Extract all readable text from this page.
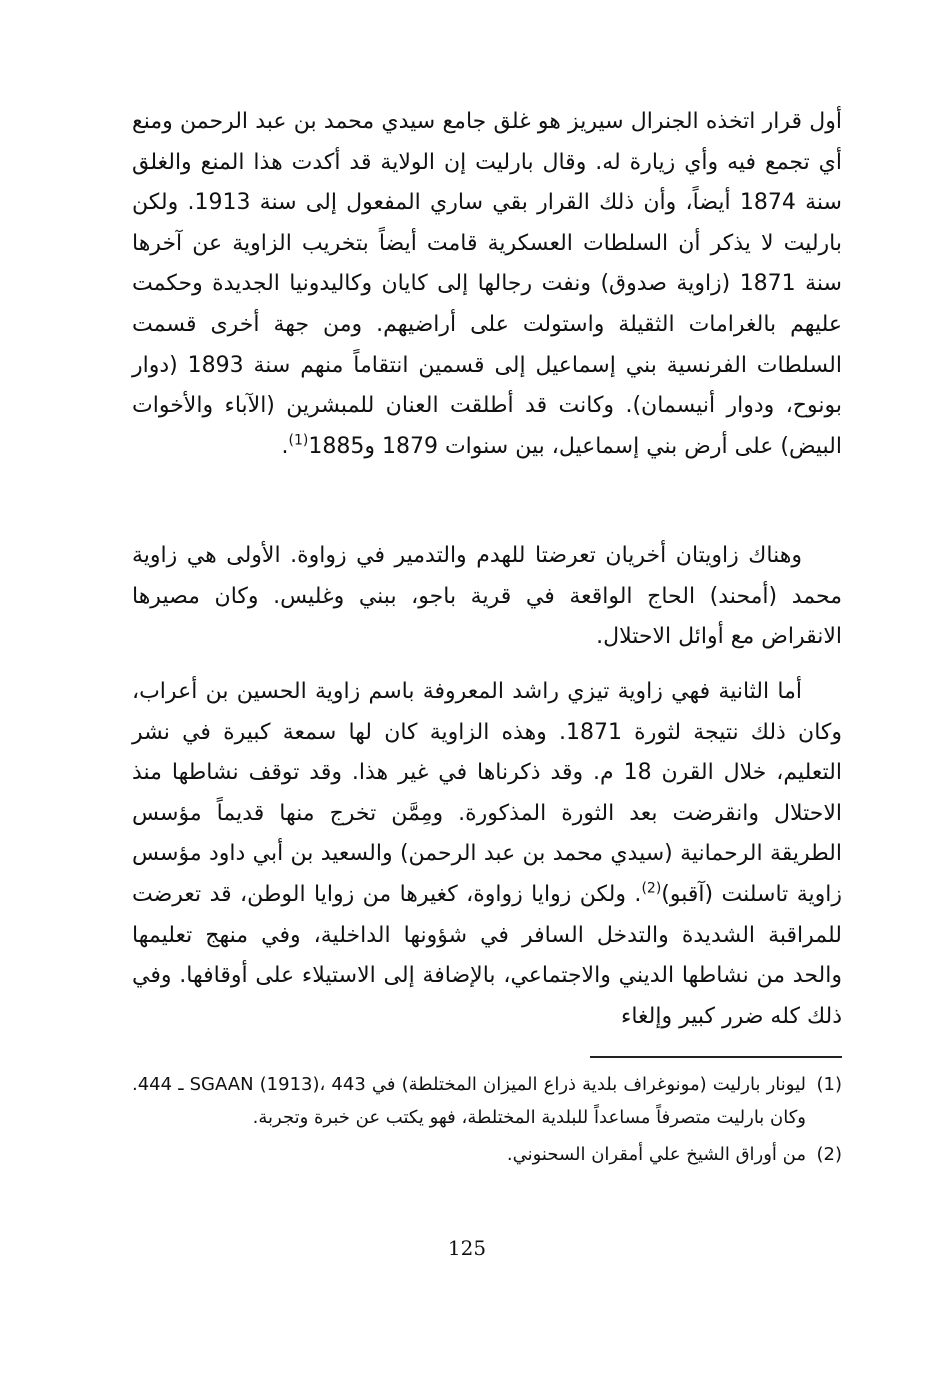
أول قرار اتخذه الجنرال سيريز هو غلق جامع سيدي محمد بن عبد الرحمن ومنع أي تجمع فيه وأي زيارة له. وقال بارليت إن الولاية قد أكدت هذا المنع والغلق سنة 1874 أيضاً، وأن ذلك القرار بقي ساري المفعول إلى سنة 1913. ولكن بارليت لا يذكر أن السلطات العسكرية قامت أيضاً بتخريب الزاوية عن آخرها سنة 1871 (زاوية صدوق) ونفت رجالها إلى كايان وكاليدونيا الجديدة وحكمت عليهم بالغرامات الثقيلة واستولت على أراضيهم. ومن جهة أخرى قسمت السلطات الفرنسية بني إسماعيل إلى قسمين انتقاماً منهم سنة 1893 (دوار بونوح، ودوار أنيسمان). وكانت قد أطلقت العنان للمبشرين (الآباء والأخوات البيض) على أرض بني إسماعيل، بين سنوات 1879 و1885$^{(1)}$.

وهناك زاويتان أخريان تعرضتا للهدم والتدمير في زواوة. الأولى هي زاوية محمد (أمحند) الحاج الواقعة في قرية باجو، ببني وغليس. وكان مصيرها الانقراض مع أوائل الاحتلال.

أما الثانية فهي زاوية تيزي راشد المعروفة باسم زاوية الحسين بن أعراب، وكان ذلك نتيجة لثورة 1871. وهذه الزاوية كان لها سمعة كبيرة في نشر التعليم، خلال القرن 18 م. وقد ذكرناها في غير هذا. وقد توقف نشاطها منذ الاحتلال وانقرضت بعد الثورة المذكورة. ومِمَّن تخرج منها قديماً مؤسس الطريقة الرحمانية (سيدي محمد بن عبد الرحمن) والسعيد بن أبي داود مؤسس زاوية تاسلنت (آقبو)$^{(2)}$. ولكن زوايا زواوة، كغيرها من زوايا الوطن، قد تعرضت للمراقبة الشديدة والتدخل السافر في شؤونها الداخلية، وفي منهج تعليمها والحد من نشاطها الديني والاجتماعي، بالإضافة إلى الاستيلاء على أوقافها. وفي ذلك كله ضرر كبير وإلغاء

(1)
ليونار بارليت (مونوغراف بلدية ذراع الميزان المختلطة) في SGAAN (1913)، 443 ـ 444. وكان بارليت متصرفاً مساعداً للبلدية المختلطة، فهو يكتب عن خبرة وتجربة.
(2)
من أوراق الشيخ علي أمقران السحنوني.
125
